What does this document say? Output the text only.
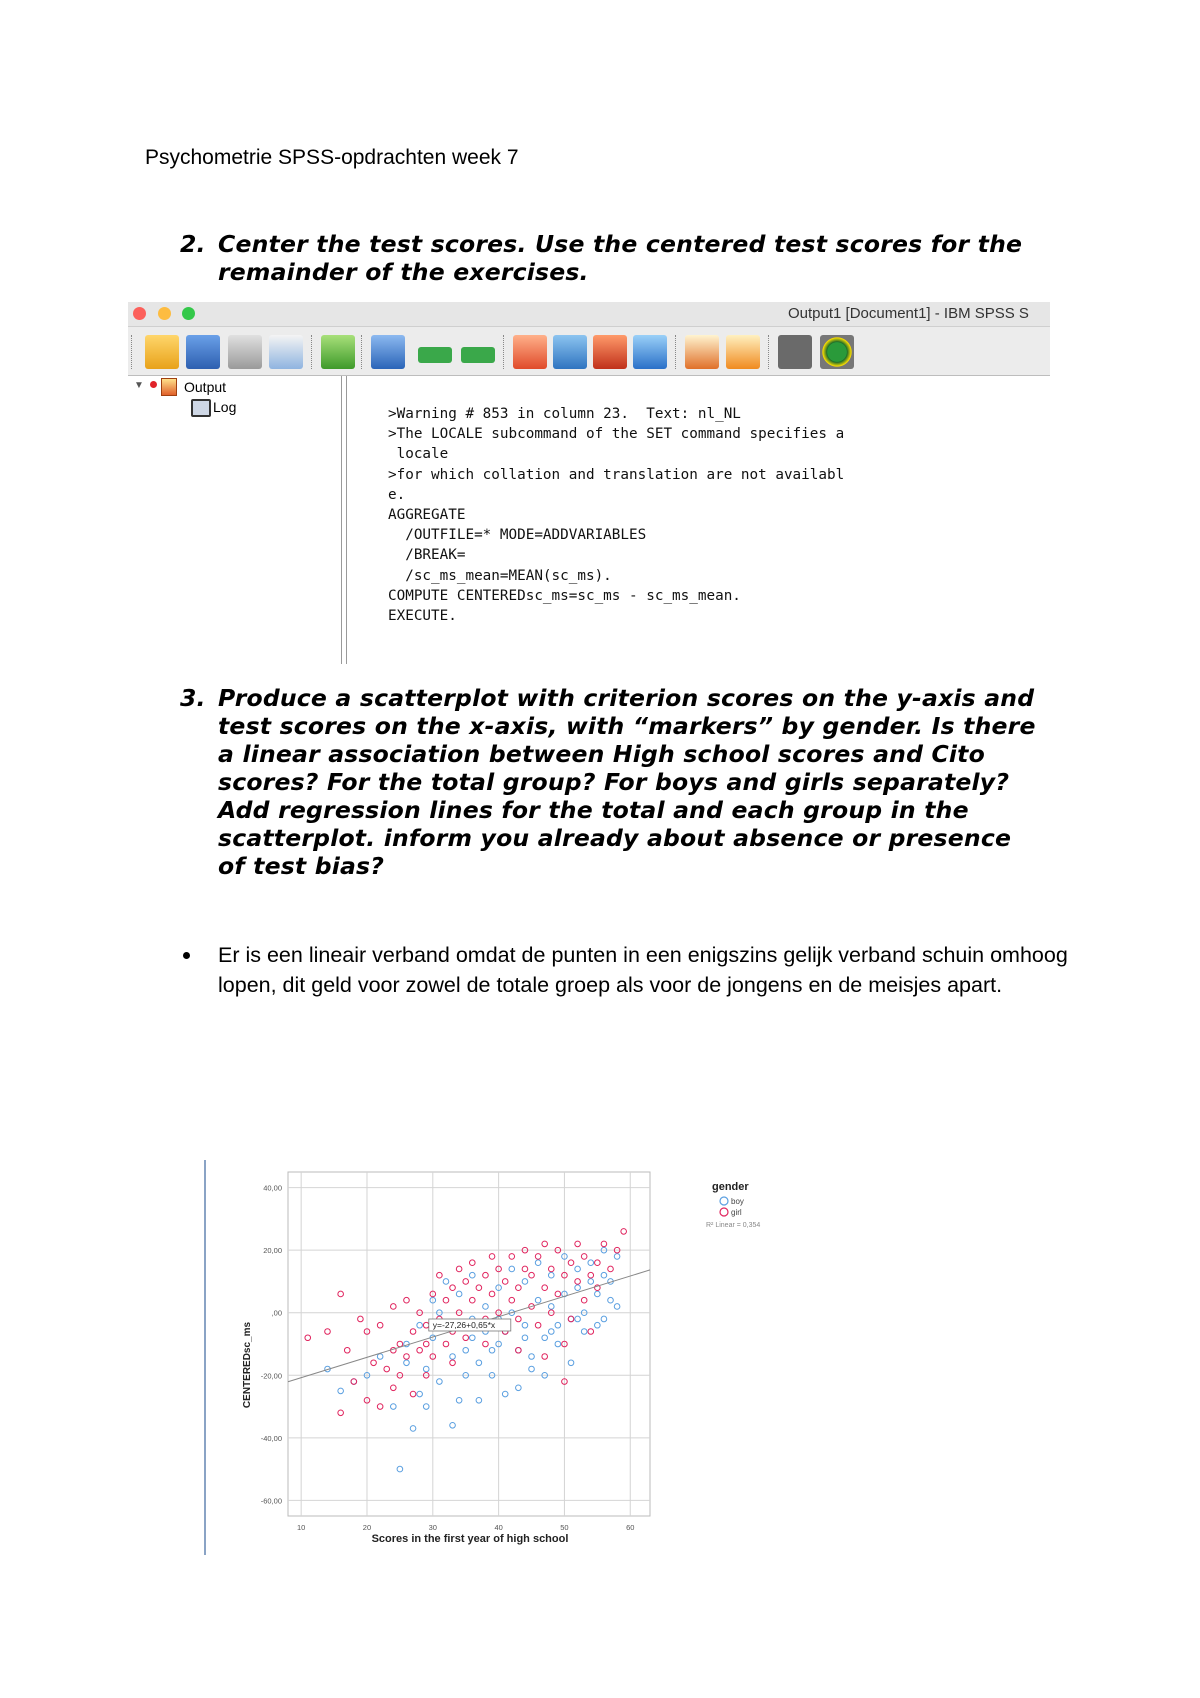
Psychometrie SPSS-opdrachten week 7
2. Center the test scores. Use the centered test scores for the
remainder of the exercises.
Output1 [Document1] - IBM SPSS S
▼	Output
Log	>Warning # 853 in column 23.  Text: nl_NL
>The LOCALE subcommand of the SET command specifies a
locale
>for which collation and translation are not availabl
e.
AGGREGATE
/OUTFILE=* MODE=ADDVARIABLES
/BREAK=
/sc_ms_mean=MEAN(sc_ms).
COMPUTE CENTEREDsc_ms=sc_ms - sc_ms_mean.
EXECUTE.
3. Produce a scatterplot with criterion scores on the y-axis and
test scores on the x-axis, with “markers” by gender. Is there
a linear association between High school scores and Cito
scores? For the total group? For boys and girls separately?
Add regression lines for the total and each group in the
scatterplot. inform you already about absence or presence
of test bias?
Er is een lineair verband omdat de punten in een enigszins gelijk verband schuin omhoog lopen, dit geld voor zowel de totale groep als voor de jongens en de meisjes apart.
40,00
20,00
,00
-20,00
-40,00
-60,00
10	20	30	40	50	60
y=-27,26+0,65*x
CENTEREDsc_ms
Scores in the first year of high school
gender
boy
girl
R² Linear = 0,354
